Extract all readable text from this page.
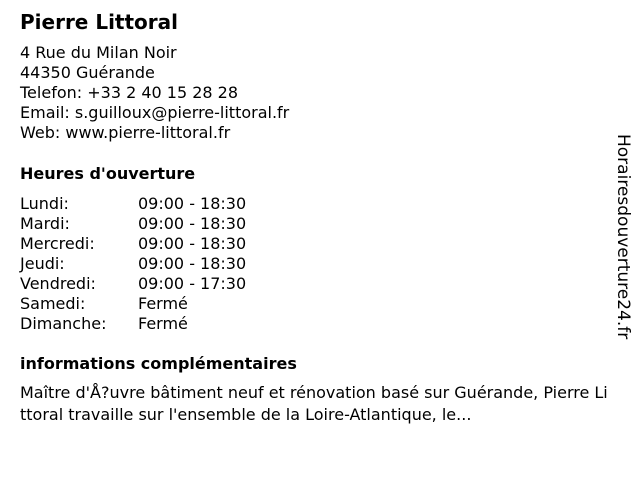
Pierre Littoral
4 Rue du Milan Noir
44350 Guérande
Telefon: +33 2 40 15 28 28
Email: s.guilloux@pierre-littoral.fr
Web: www.pierre-littoral.fr
Heures d'ouverture
Lundi:	09:00 - 18:30
Mardi:	09:00 - 18:30
Mercredi:	09:00 - 18:30
Jeudi:	09:00 - 18:30
Vendredi:	09:00 - 17:30
Samedi:	Fermé
Dimanche:	Fermé
informations complémentaires
Maître d'Å?uvre bâtiment neuf et rénovation basé sur Guérande, Pierre Littoral travaille sur l'ensemble de la Loire-Atlantique, le...
Horairesdouverture24.fr
